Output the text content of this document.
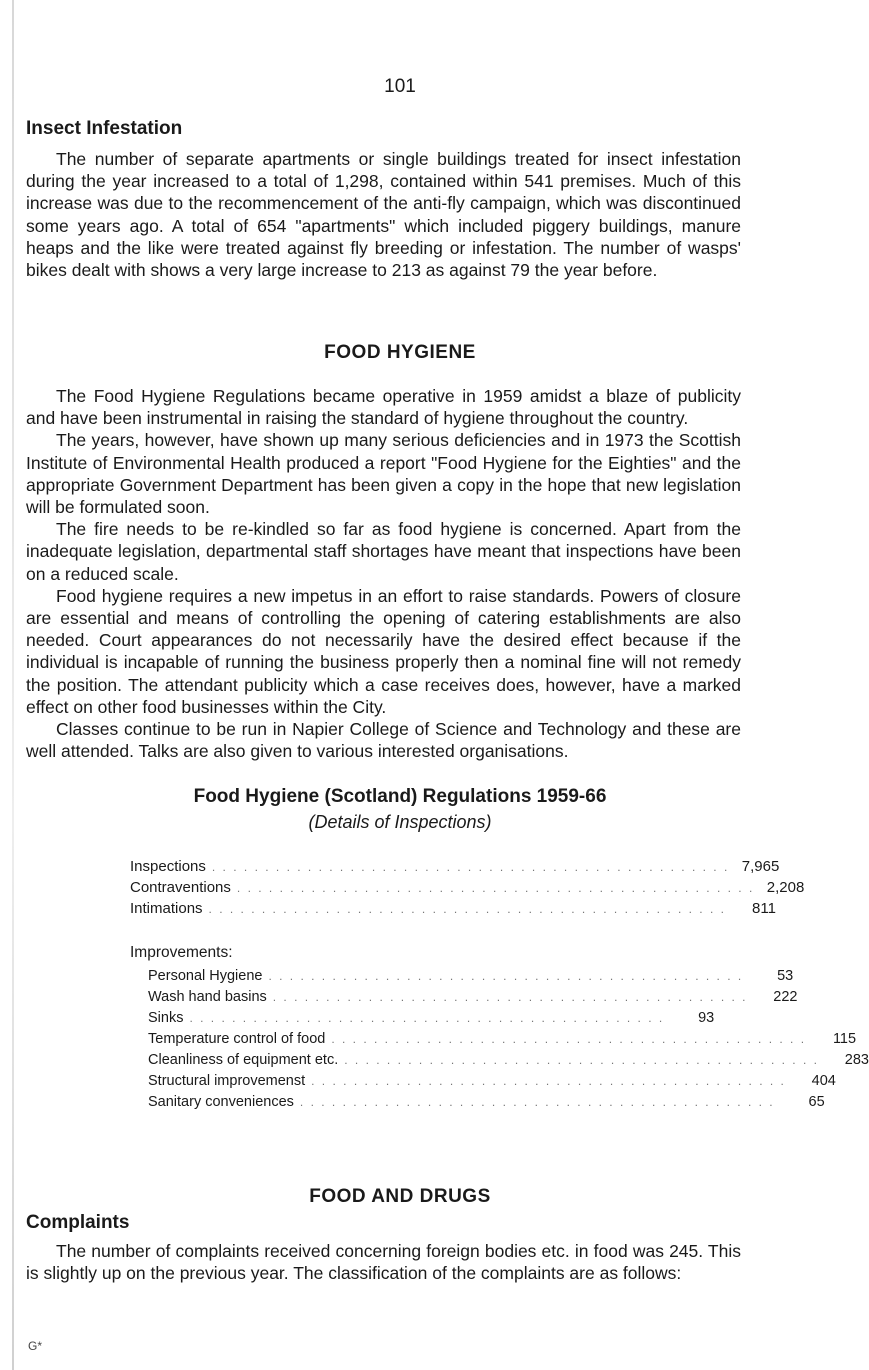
101
Insect Infestation

The number of separate apartments or single buildings treated for insect infestation during the year increased to a total of 1,298, contained within 541 premises. Much of this increase was due to the recommencement of the anti-fly campaign, which was discontinued some years ago. A total of 654 "apartments" which included piggery buildings, manure heaps and the like were treated against fly breeding or infestation. The number of wasps' bikes dealt with shows a very large increase to 213 as against 79 the year before.

FOOD HYGIENE

The Food Hygiene Regulations became operative in 1959 amidst a blaze of publicity and have been instrumental in raising the standard of hygiene throughout the country.

The years, however, have shown up many serious deficiencies and in 1973 the Scottish Institute of Environmental Health produced a report "Food Hygiene for the Eighties" and the appropriate Government Department has been given a copy in the hope that new legislation will be formulated soon.

The fire needs to be re-kindled so far as food hygiene is concerned. Apart from the inadequate legislation, departmental staff shortages have meant that inspections have been on a reduced scale.

Food hygiene requires a new impetus in an effort to raise standards. Powers of closure are essential and means of controlling the opening of catering establishments are also needed. Court appearances do not necessarily have the desired effect because if the individual is incapable of running the business properly then a nominal fine will not remedy the position. The attendant publicity which a case receives does, however, have a marked effect on other food businesses within the City.

Classes continue to be run in Napier College of Science and Technology and these are well attended. Talks are also given to various interested organisations.

Food Hygiene (Scotland) Regulations 1959-66
(Details of Inspections)
Inspections . . . . . . . . . . . . . . . . . . . . . . . . . . . . . . . . . . . . . . . . . . . . . . . . . 7,965
Contraventions . . . . . . . . . . . . . . . . . . . . . . . . . . . . . . . . . . . . . . . . . . . . . . . . . 2,208
Intimations . . . . . . . . . . . . . . . . . . . . . . . . . . . . . . . . . . . . . . . . . . . . . . . . .	811
Improvements:
Personal Hygiene . . . . . . . . . . . . . . . . . . . . . . . . . . . . . . . . . . . . . . . . . . . . .	53
Wash hand basins . . . . . . . . . . . . . . . . . . . . . . . . . . . . . . . . . . . . . . . . . . . . .	222
Sinks . . . . . . . . . . . . . . . . . . . . . . . . . . . . . . . . . . . . . . . . . . . . .	93
Temperature control of food . . . . . . . . . . . . . . . . . . . . . . . . . . . . . . . . . . . . . . . . . . . . .	115
Cleanliness of equipment etc. . . . . . . . . . . . . . . . . . . . . . . . . . . . . . . . . . . . . . . . . . . . . .	283
Structural improvemenst . . . . . . . . . . . . . . . . . . . . . . . . . . . . . . . . . . . . . . . . . . . . .	404
Sanitary conveniences . . . . . . . . . . . . . . . . . . . . . . . . . . . . . . . . . . . . . . . . . . . . .	65
FOOD AND DRUGS
Complaints

The number of complaints received concerning foreign bodies etc. in food was 245. This is slightly up on the previous year. The classification of the complaints are as follows:

G*
